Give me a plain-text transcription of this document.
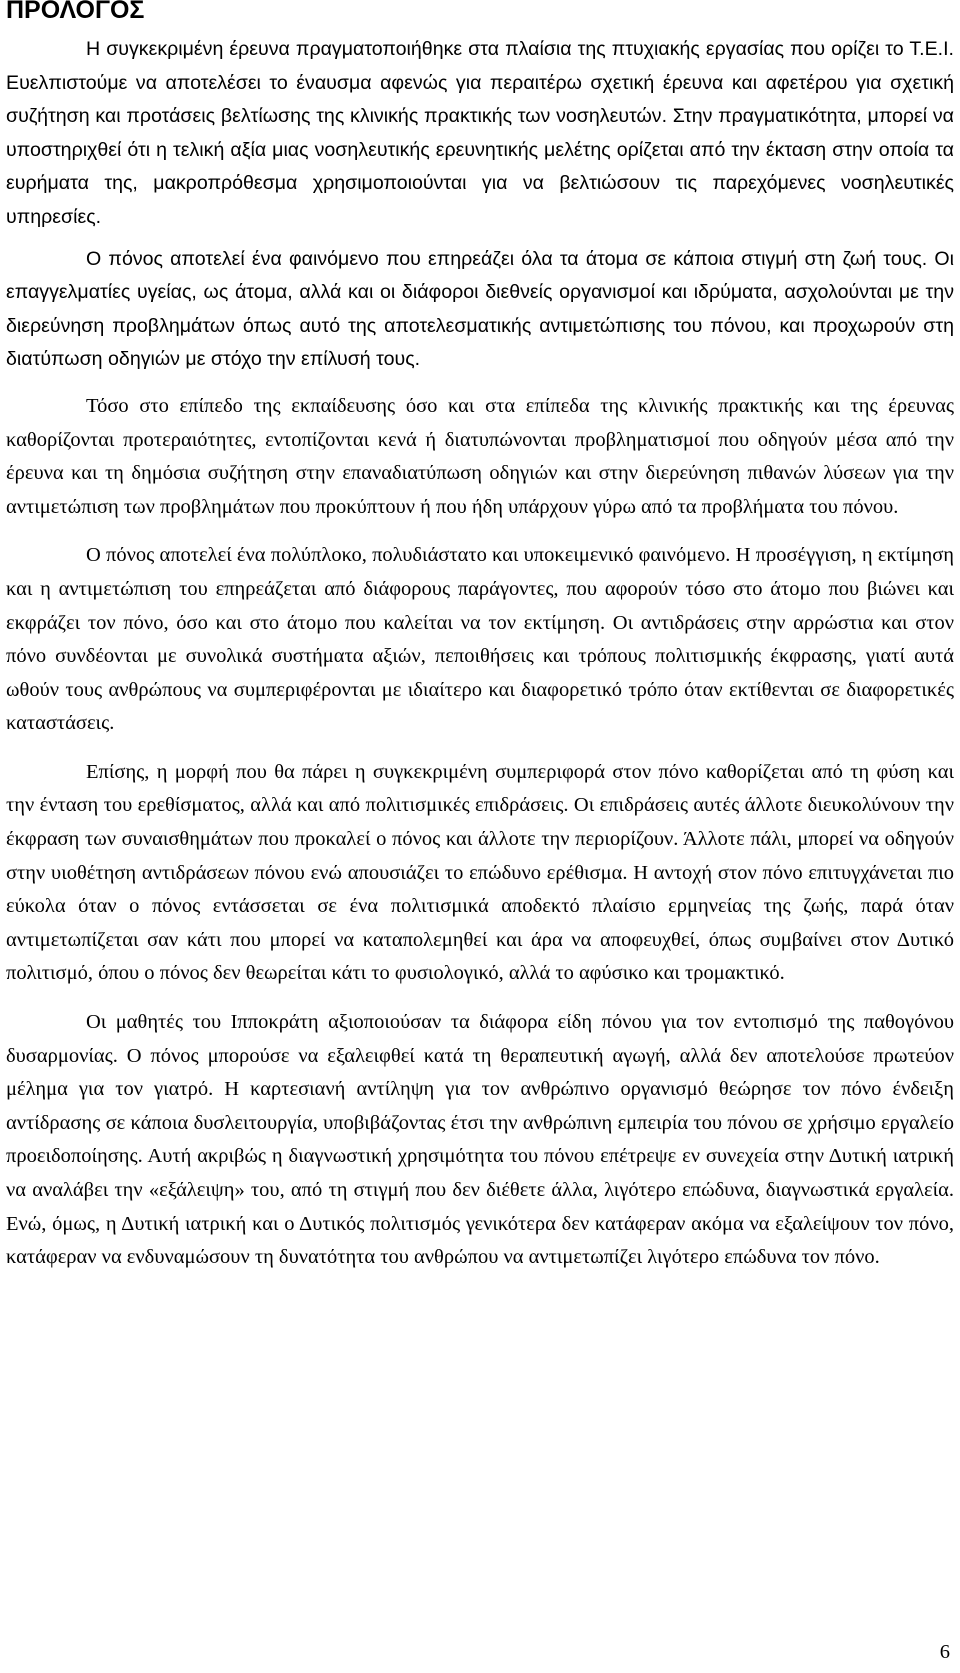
ΠΡΟΛΟΓΟΣ

Η συγκεκριμένη έρευνα πραγματοποιήθηκε στα πλαίσια της πτυχιακής εργασίας που ορίζει το Τ.Ε.Ι. Ευελπιστούμε να αποτελέσει το έναυσμα αφενώς για περαιτέρω σχετική έρευνα και αφετέρου για σχετική συζήτηση και προτάσεις βελτίωσης της κλινικής πρακτικής των νοσηλευτών. Στην πραγματικότητα, μπορεί να υποστηριχθεί ότι η τελική αξία μιας νοσηλευτικής ερευνητικής μελέτης ορίζεται από την έκταση στην οποία τα ευρήματα της, μακροπρόθεσμα χρησιμοποιούνται για να βελτιώσουν τις παρεχόμενες νοσηλευτικές υπηρεσίες.

Ο πόνος αποτελεί ένα φαινόμενο που επηρεάζει όλα τα άτομα σε κάποια στιγμή στη ζωή τους. Οι επαγγελματίες υγείας, ως άτομα, αλλά και οι διάφοροι διεθνείς οργανισμοί και ιδρύματα, ασχολούνται με την διερεύνηση προβλημάτων όπως αυτό της αποτελεσματικής αντιμετώπισης του πόνου, και προχωρούν στη διατύπωση οδηγιών με στόχο την επίλυσή τους.

Τόσο στο επίπεδο της εκπαίδευσης όσο και στα επίπεδα της κλινικής πρακτικής και της έρευνας καθορίζονται προτεραιότητες, εντοπίζονται κενά ή διατυπώνονται προβληματισμοί που οδηγούν μέσα από την έρευνα και τη δημόσια συζήτηση στην επαναδιατύπωση οδηγιών και στην διερεύνηση πιθανών λύσεων για την αντιμετώπιση των προβλημάτων που προκύπτουν ή που ήδη υπάρχουν γύρω από τα προβλήματα του πόνου.

Ο πόνος αποτελεί ένα πολύπλοκο, πολυδιάστατο και υποκειμενικό φαινόμενο. Η προσέγγιση, η εκτίμηση και η αντιμετώπιση του επηρεάζεται από διάφορους παράγοντες, που αφορούν τόσο στο άτομο που βιώνει και εκφράζει τον πόνο, όσο και στο άτομο που καλείται να τον εκτίμηση. Οι αντιδράσεις στην αρρώστια και στον πόνο συνδέονται με συνολικά συστήματα αξιών, πεποιθήσεις και τρόπους πολιτισμικής έκφρασης, γιατί αυτά ωθούν τους ανθρώπους να συμπεριφέρονται με ιδιαίτερο και διαφορετικό τρόπο όταν εκτίθενται σε διαφορετικές καταστάσεις.

Επίσης, η μορφή που θα πάρει η συγκεκριμένη συμπεριφορά στον πόνο καθορίζεται από τη φύση και την ένταση του ερεθίσματος, αλλά και από πολιτισμικές επιδράσεις. Οι επιδράσεις αυτές άλλοτε διευκολύνουν την έκφραση των συναισθημάτων που προκαλεί ο πόνος και άλλοτε την περιορίζουν. Άλλοτε πάλι, μπορεί να οδηγούν στην υιοθέτηση αντιδράσεων πόνου ενώ απουσιάζει το επώδυνο ερέθισμα. Η αντοχή στον πόνο επιτυγχάνεται πιο εύκολα όταν ο πόνος εντάσσεται σε ένα πολιτισμικά αποδεκτό πλαίσιο ερμηνείας της ζωής, παρά όταν αντιμετωπίζεται σαν κάτι που μπορεί να καταπολεμηθεί και άρα να αποφευχθεί, όπως συμβαίνει στον Δυτικό πολιτισμό, όπου ο πόνος δεν θεωρείται κάτι το φυσιολογικό, αλλά το αφύσικο και τρομακτικό.

Οι μαθητές του Ιπποκράτη αξιοποιούσαν τα διάφορα είδη πόνου για τον εντοπισμό της παθογόνου δυσαρμονίας. Ο πόνος μπορούσε να εξαλειφθεί κατά τη θεραπευτική αγωγή, αλλά δεν αποτελούσε πρωτεύον μέλημα για τον γιατρό. Η καρτεσιανή αντίληψη για τον ανθρώπινο οργανισμό θεώρησε τον πόνο ένδειξη αντίδρασης σε κάποια δυσλειτουργία, υποβιβάζοντας έτσι την ανθρώπινη εμπειρία του πόνου σε χρήσιμο εργαλείο προειδοποίησης. Αυτή ακριβώς η διαγνωστική χρησιμότητα του πόνου επέτρεψε εν συνεχεία στην Δυτική ιατρική να αναλάβει την «εξάλειψη» του, από τη στιγμή που δεν διέθετε άλλα, λιγότερο επώδυνα, διαγνωστικά εργαλεία. Ενώ, όμως, η Δυτική ιατρική και ο Δυτικός πολιτισμός γενικότερα δεν κατάφεραν ακόμα να εξαλείψουν τον πόνο, κατάφεραν να ενδυναμώσουν τη δυνατότητα του ανθρώπου να αντιμετωπίζει λιγότερο επώδυνα τον πόνο.

6
